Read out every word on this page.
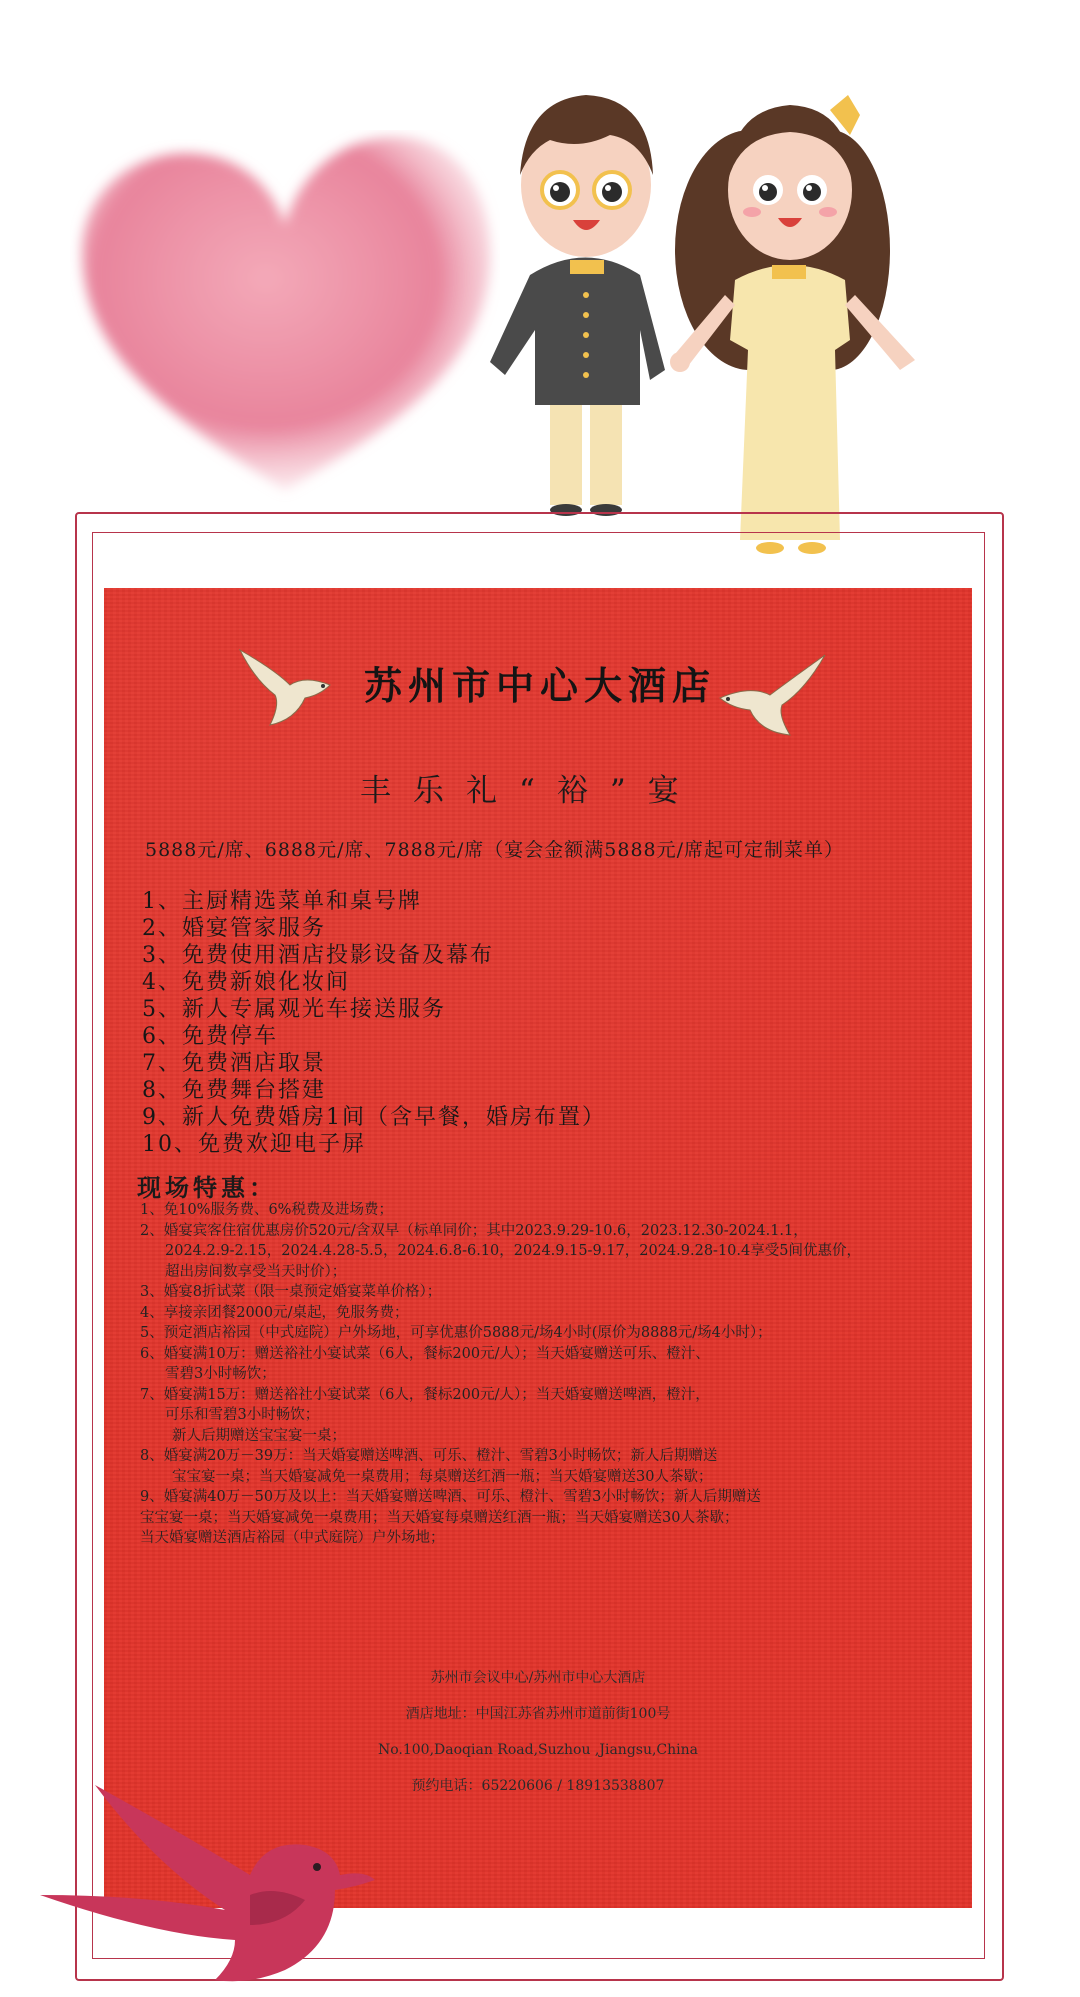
苏州市中心大酒店
丰乐礼“裕”宴
5888元/席、6888元/席、7888元/席（宴会金额满5888元/席起可定制菜单）
1、主厨精选菜单和桌号牌
2、婚宴管家服务
3、免费使用酒店投影设备及幕布
4、免费新娘化妆间
5、新人专属观光车接送服务
6、免费停车
7、免费酒店取景
8、免费舞台搭建
9、新人免费婚房1间（含早餐，婚房布置）
10、免费欢迎电子屏
现场特惠：
1、免10%服务费、6%税费及进场费；
2、婚宴宾客住宿优惠房价520元/含双早（标单同价；其中2023.9.29-10.6，2023.12.30-2024.1.1，
2024.2.9-2.15，2024.4.28-5.5，2024.6.8-6.10，2024.9.15-9.17，2024.9.28-10.4享受5间优惠价，
超出房间数享受当天时价）；
3、婚宴8折试菜（限一桌预定婚宴菜单价格）；
4、享接亲团餐2000元/桌起，免服务费；
5、预定酒店裕园（中式庭院）户外场地，可享优惠价5888元/场4小时(原价为8888元/场4小时）；
6、婚宴满10万：赠送裕社小宴试菜（6人，餐标200元/人）；当天婚宴赠送可乐、橙汁、
雪碧3小时畅饮；
7、婚宴满15万：赠送裕社小宴试菜（6人，餐标200元/人）；当天婚宴赠送啤酒，橙汁，
可乐和雪碧3小时畅饮；
新人后期赠送宝宝宴一桌；
8、婚宴满20万－39万：当天婚宴赠送啤酒、可乐、橙汁、雪碧3小时畅饮；新人后期赠送
宝宝宴一桌；当天婚宴减免一桌费用；每桌赠送红酒一瓶；当天婚宴赠送30人茶歇；
9、婚宴满40万－50万及以上：当天婚宴赠送啤酒、可乐、橙汁、雪碧3小时畅饮；新人后期赠送
宝宝宴一桌；当天婚宴减免一桌费用；当天婚宴每桌赠送红酒一瓶；当天婚宴赠送30人茶歇；
当天婚宴赠送酒店裕园（中式庭院）户外场地；
苏州市会议中心/苏州市中心大酒店
酒店地址：中国江苏省苏州市道前街100号
No.100,Daoqian Road,Suzhou ,Jiangsu,China
预约电话：65220606 / 18913538807
